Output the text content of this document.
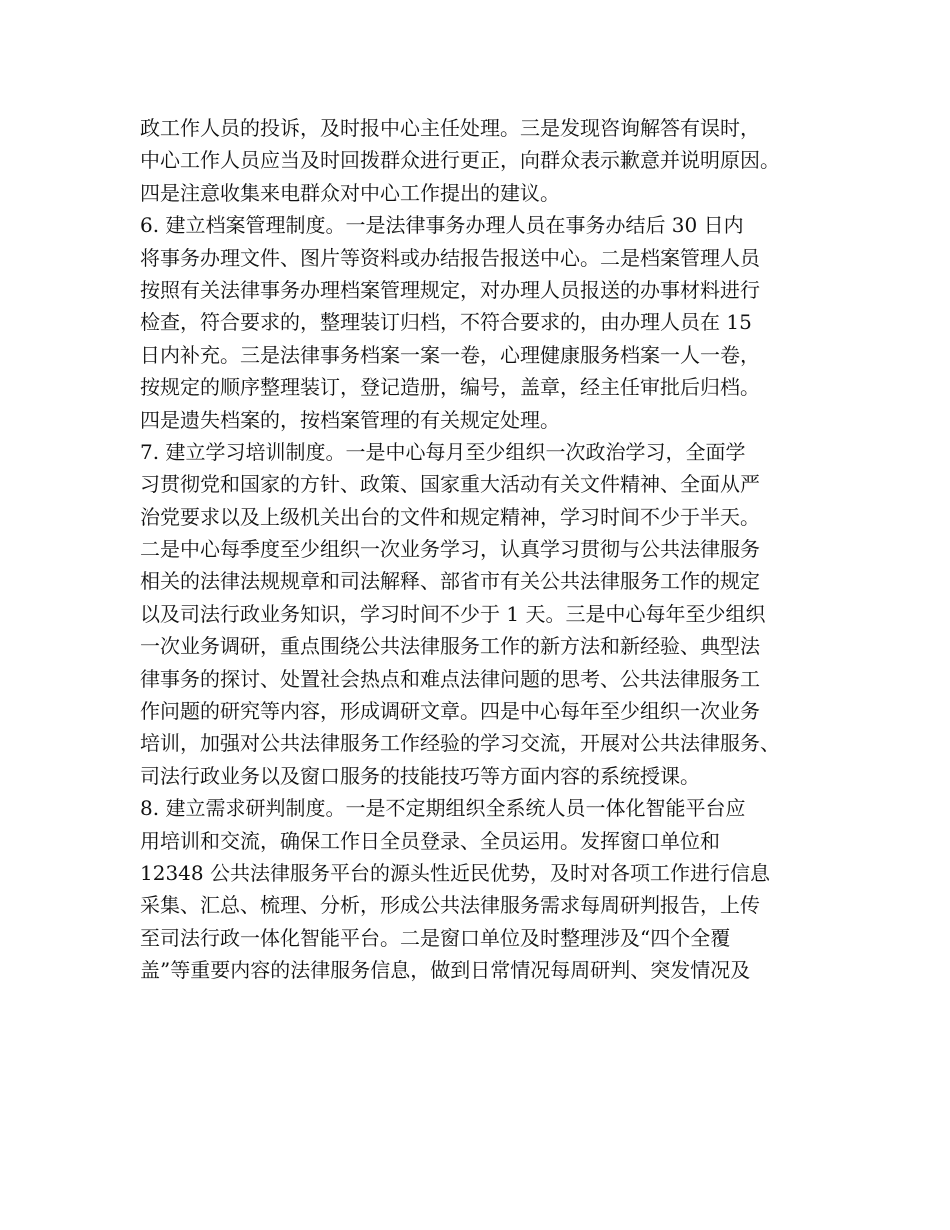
政工作人员的投诉，及时报中心主任处理。三是发现咨询解答有误时，
中心工作人员应当及时回拨群众进行更正，向群众表示歉意并说明原因。
四是注意收集来电群众对中心工作提出的建议。
6. 建立档案管理制度。一是法律事务办理人员在事务办结后 30 日内
将事务办理文件、图片等资料或办结报告报送中心。二是档案管理人员
按照有关法律事务办理档案管理规定，对办理人员报送的办事材料进行
检查，符合要求的，整理装订归档，不符合要求的，由办理人员在 15
日内补充。三是法律事务档案一案一卷，心理健康服务档案一人一卷，
按规定的顺序整理装订，登记造册，编号，盖章，经主任审批后归档。
四是遗失档案的，按档案管理的有关规定处理。
7. 建立学习培训制度。一是中心每月至少组织一次政治学习，全面学
习贯彻党和国家的方针、政策、国家重大活动有关文件精神、全面从严
治党要求以及上级机关出台的文件和规定精神，学习时间不少于半天。
二是中心每季度至少组织一次业务学习，认真学习贯彻与公共法律服务
相关的法律法规规章和司法解释、部省市有关公共法律服务工作的规定
以及司法行政业务知识，学习时间不少于 1 天。三是中心每年至少组织
一次业务调研，重点围绕公共法律服务工作的新方法和新经验、典型法
律事务的探讨、处置社会热点和难点法律问题的思考、公共法律服务工
作问题的研究等内容，形成调研文章。四是中心每年至少组织一次业务
培训，加强对公共法律服务工作经验的学习交流，开展对公共法律服务、
司法行政业务以及窗口服务的技能技巧等方面内容的系统授课。
8. 建立需求研判制度。一是不定期组织全系统人员一体化智能平台应
用培训和交流，确保工作日全员登录、全员运用。发挥窗口单位和
12348 公共法律服务平台的源头性近民优势，及时对各项工作进行信息
采集、汇总、梳理、分析，形成公共法律服务需求每周研判报告，上传
至司法行政一体化智能平台。二是窗口单位及时整理涉及“四个全覆
盖”等重要内容的法律服务信息，做到日常情况每周研判、突发情况及
